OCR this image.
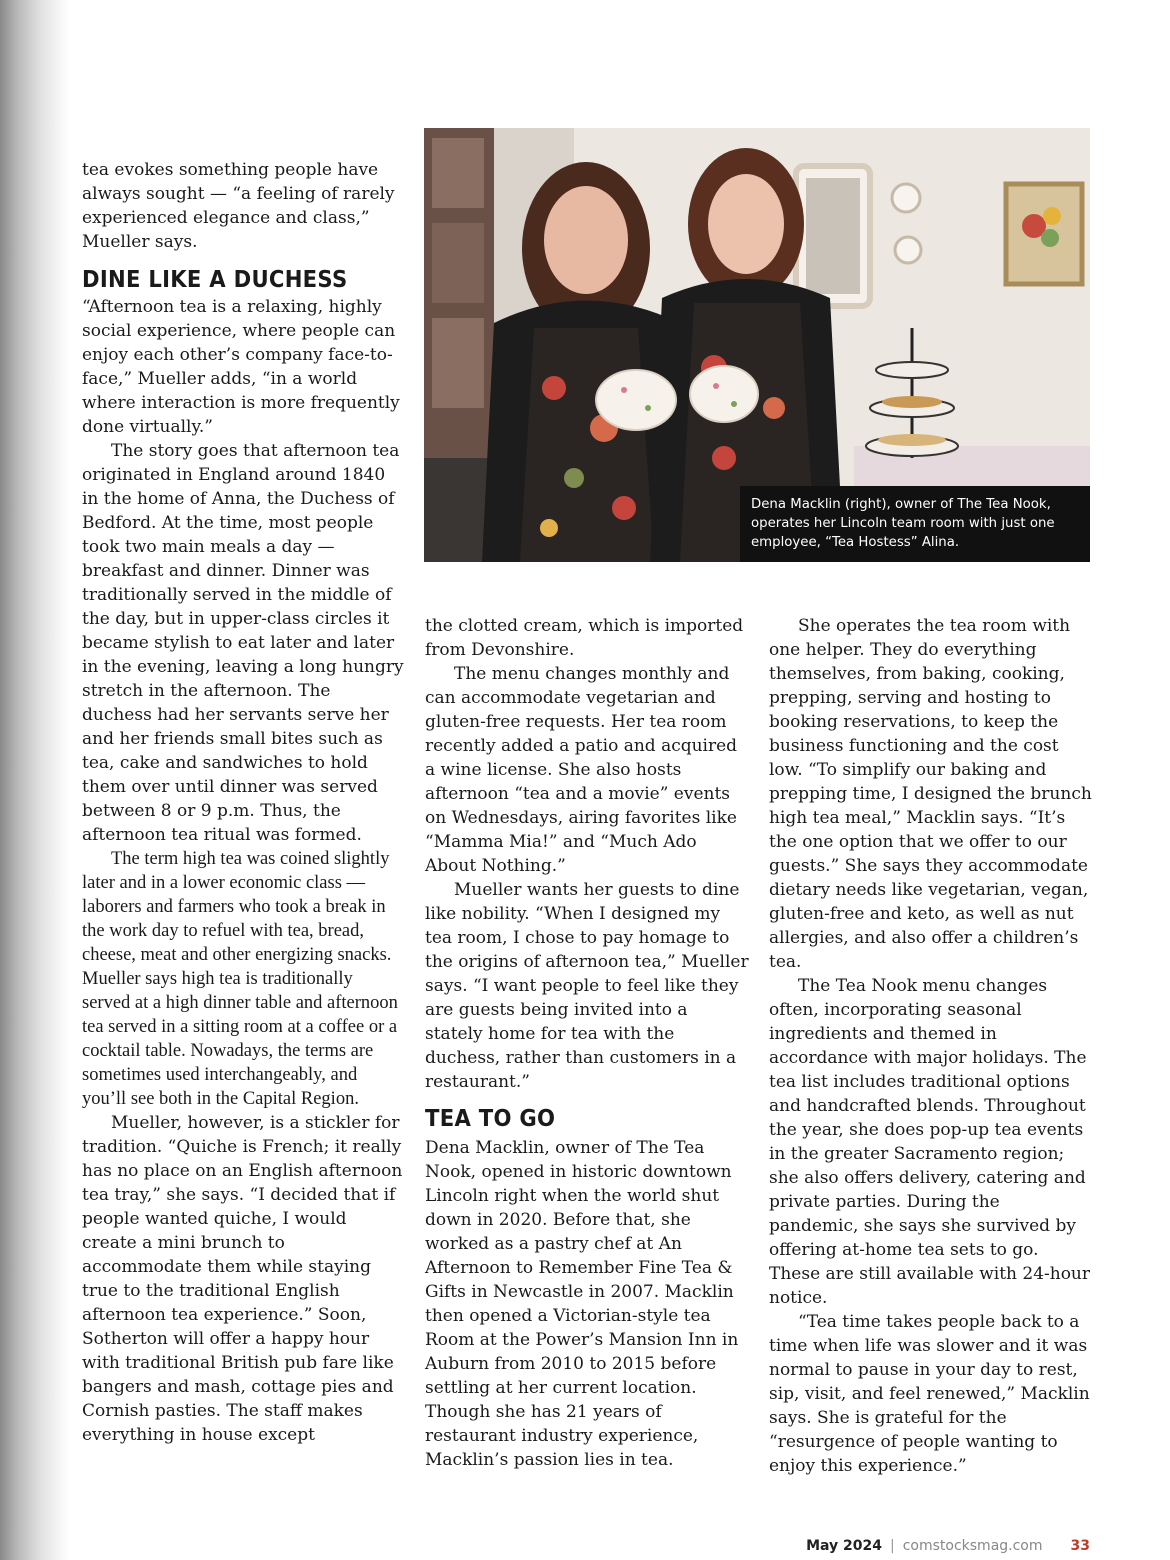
tea evokes something people have always sought — “a feeling of rarely experienced elegance and class,” Mueller says.

DINE LIKE A DUCHESS

“Afternoon tea is a relaxing, highly social experience, where people can enjoy each other’s company face-to-face,” Mueller adds, “in a world where interaction is more frequently done virtually.”

The story goes that afternoon tea originated in England around 1840 in the home of Anna, the Duchess of Bedford. At the time, most people took two main meals a day — breakfast and dinner. Dinner was traditionally served in the middle of the day, but in upper-class circles it became stylish to eat later and later in the evening, leaving a long hungry stretch in the afternoon. The duchess had her servants serve her and her friends small bites such as tea, cake and sandwiches to hold them over until dinner was served between 8 or 9 p.m. Thus, the afternoon tea ritual was formed.

The term high tea was coined slightly later and in a lower economic class — laborers and farmers who took a break in the work day to refuel with tea, bread, cheese, meat and other energizing snacks. Mueller says high tea is traditionally served at a high dinner table and afternoon tea served in a sitting room at a coffee or a cocktail table. Nowadays, the terms are sometimes used interchangeably, and you’ll see both in the Capital Region.

Mueller, however, is a stickler for tradition. “Quiche is French; it really has no place on an English afternoon tea tray,” she says. “I decided that if people wanted quiche, I would create a mini brunch to accommodate them while staying true to the traditional English afternoon tea experience.” Soon, Sotherton will offer a happy hour with traditional British pub fare like bangers and mash, cottage pies and Cornish pasties. The staff makes everything in house except

Dena Macklin (right), owner of The Tea Nook, operates her Lincoln team room with just one employee, “Tea Hostess” Alina.

the clotted cream, which is imported from Devonshire.

The menu changes monthly and can accommodate vegetarian and gluten-free requests. Her tea room recently added a patio and acquired a wine license. She also hosts afternoon “tea and a movie” events on Wednesdays, airing favorites like “Mamma Mia!” and “Much Ado About Nothing.”

Mueller wants her guests to dine like nobility. “When I designed my tea room, I chose to pay homage to the origins of afternoon tea,” Mueller says. “I want people to feel like they are guests being invited into a stately home for tea with the duchess, rather than customers in a restaurant.”

TEA TO GO

Dena Macklin, owner of The Tea Nook, opened in historic downtown Lincoln right when the world shut down in 2020. Before that, she worked as a pastry chef at An Afternoon to Remember Fine Tea & Gifts in Newcastle in 2007. Macklin then opened a Victorian-style tea Room at the Power’s Mansion Inn in Auburn from 2010 to 2015 before settling at her current location. Though she has 21 years of restaurant industry experience, Macklin’s passion lies in tea.

She operates the tea room with one helper. They do everything themselves, from baking, cooking, prepping, serving and hosting to booking reservations, to keep the business functioning and the cost low. “To simplify our baking and prepping time, I designed the brunch high tea meal,” Macklin says. “It’s the one option that we offer to our guests.” She says they accommodate dietary needs like vegetarian, vegan, gluten-free and keto, as well as nut allergies, and also offer a children’s tea.

The Tea Nook menu changes often, incorporating seasonal ingredients and themed in accordance with major holidays. The tea list includes traditional options and handcrafted blends. Throughout the year, she does pop-up tea events in the greater Sacramento region; she also offers delivery, catering and private parties. During the pandemic, she says she survived by offering at-home tea sets to go. These are still available with 24-hour notice.

“Tea time takes people back to a time when life was slower and it was normal to pause in your day to rest, sip, visit, and feel renewed,” Macklin says. She is grateful for the “resurgence of people wanting to enjoy this experience.”

May 2024 | comstocksmag.com 33
